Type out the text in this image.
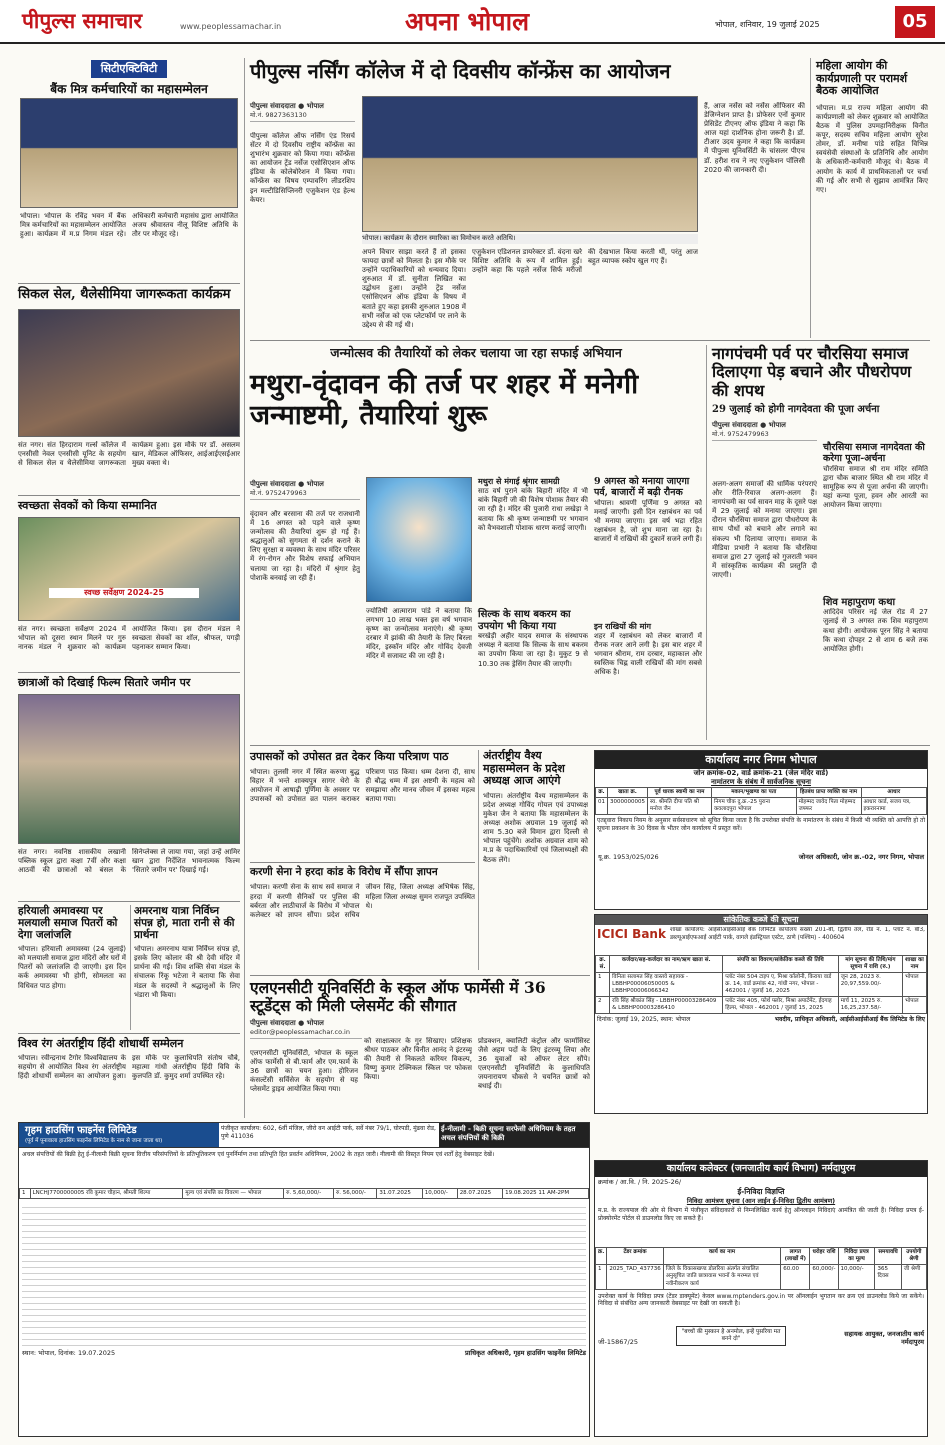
पीपुल्स समाचार	www.peoplessamachar.in	अपना भोपाल	भोपाल, शनिवार, 19 जुलाई 2025	05
सिटीएक्टिविटी
बैंक मित्र कर्मचारियों का महासम्मेलन
भोपाल। भोपाल के रविंद्र भवन में बैंक मित्र कर्मचारियों का महासम्मेलन आयोजित हुआ। कार्यक्रम में म.प्र निगम मंडल रहे। अधिकारी कर्मचारी महासंघ द्वारा आयोजित अजय श्रीवास्तव नीलू विशिष्ट अतिथि के तौर पर मौजूद रहे।
सिकल सेल, थैलेसीमिया जागरूकता कार्यक्रम
संत नगर। संत हिरदाराम गर्ल्स कॉलेज में एनसीसी नेवल एनसीसी यूनिट के सहयोग से सिकल सेल व थैलेसीमिया जागरूकता कार्यक्रम हुआ। इस मौके पर डॉ. असलम खान, मेडिकल ऑफिसर, आईआईएसईआर मुख्य वक्ता थे।
स्वच्छता सेवकों को किया सम्मानित
स्वच्छ सर्वेक्षण 2024-25
संत नगर। स्वच्छता सर्वेक्षण 2024 में भोपाल को दूसरा स्थान मिलने पर गुरु नानक मंडल ने शुक्रवार को कार्यक्रम आयोजित किया। इस दौरान मंडल ने स्वच्छता सेवकों का शॉल, श्रीफल, पगड़ी पहनाकर सम्मान किया।
छात्राओं को दिखाई फिल्म सितारे जमीन पर
संत नगर। नवनिष्ठ शासकीय लखानी पब्लिक स्कूल द्वारा कक्षा 7वीं और कक्षा आठवीं की छात्राओं को बंसल के सिनेप्लेक्स ले जाया गया, जहां उन्हें आमिर खान द्वारा निर्देशित भावनात्मक फिल्म 'सितारे जमीन पर' दिखाई गई।
हरियाली अमावस्या पर मलयाली समाज पितरों को देगा जलांजलि
भोपाल। हरियाली अमावस्या (24 जुलाई) को मलयाली समाज द्वारा मंदिरों और घरों में पितरों को जलांजलि दी जाएगी। इस दिन कर्क अमावस्या भी होगी, सोमलता का विधिवत पाठ होगा।
अमरनाथ यात्रा निर्विघ्न संपन्न हो, माता रानी से की प्रार्थना
भोपाल। अमरनाथ यात्रा निर्विघ्न संपन्न हो, इसके लिए कोलार की श्री देवी मंदिर में प्रार्थना की गई। शिव शक्ति सेवा मंडल के संचालक रिंकू भटेजा ने बताया कि सेवा मंडल के सदस्यों ने श्रद्धालुओं के लिए भंडारा भी किया।
विश्व रंग अंतर्राष्ट्रीय हिंदी शोधार्थी सम्मेलन
भोपाल। रवीन्द्रनाथ टैगोर विश्वविद्यालय के सहयोग से आयोजित विश्व रंग अंतर्राष्ट्रीय हिंदी शोधार्थी सम्मेलन का आयोजन हुआ। इस मौके पर कुलाधिपति संतोष चौबे, महात्मा गांधी अंतर्राष्ट्रीय हिंदी विवि के कुलपति डॉ. कुमुद शर्मा उपस्थित रहे।
पीपुल्स नर्सिंग कॉलेज में दो दिवसीय कॉन्फ्रेंस का आयोजन
पीपुल्स संवाददाता ● भोपाल
मो.नं. 9827363130
पीपुल्स कॉलेज ऑफ नर्सिंग एंड रिसर्च सेंटर में दो दिवसीय राष्ट्रीय कॉन्फ्रेंस का शुभारंभ शुक्रवार को किया गया। कॉन्फ्रेंस का आयोजन ट्रेंड नर्सेज एसोसिएशन ऑफ इंडिया के कोलेबोरेशन में किया गया। कॉन्फ्रेंस का विषय एम्पावरिंग लीडरशिप इन मल्टीडिसिप्लिनरी एजुकेशन एंड हेल्थ केयर।
भोपाल। कार्यक्रम के दौरान स्मारिका का विमोचन करते अतिथि।
अपने विचार साझा करते हैं तो इसका फायदा छात्रों को मिलता है। इस मौके पर उन्होंने पदाधिकारियों को धन्यवाद दिया। शुरुआत में डॉ. सुनीता लिखित का उद्बोधन हुआ। उन्होंने ट्रेंड नर्सेज एसोसिएशन ऑफ इंडिया के विषय में बताते हुए कहा इसकी शुरुआत 1908 में सभी नर्सेज को एक प्लेटफॉर्म पर लाने के उद्देश्य से की गई थी।
एजुकेशन एडिशनल डायरेक्टर डॉ. वंदना खरे विशिष्ट अतिथि के रूप में शामिल हुईं। उन्होंने कहा कि पहले नर्सेज सिर्फ मरीजों की देखभाल किया करती थीं, परंतु आज बहुत व्यापक स्कोप खुल गए हैं।
हैं, आज नर्सेस को नर्सेस ऑफिसर की डेजिग्नेशन प्राप्त है। प्रोफेसर एनों कुमार प्रेसिडेंट टीएनए ऑफ इंडिया ने कहा कि आज यहां दार्शनिक होना जरूरी है। डॉ. टीआर उदय कुमार ने कहा कि कार्यक्रम में पीपुल्स यूनिवर्सिटी के चांसलर पीएच डॉ. हरीश राव ने नए एजुकेशन पॉलिसी 2020 की जानकारी दी।
महिला आयोग की कार्यप्रणाली पर परामर्श बैठक आयोजित
भोपाल। म.प्र राज्य महिला आयोग की कार्यप्रणाली को लेकर शुक्रवार को आयोजित बैठक में पुलिस उपमहानिरीक्षक विनीत कपूर, सदस्य सचिव महिला आयोग सुरेश तोमर, डॉ. मनीषा पांडे सहित विभिन्न स्वयंसेवी संस्थाओं के प्रतिनिधि और आयोग के अधिकारी-कर्मचारी मौजूद थे। बैठक में आयोग के कार्य में प्राथमिकताओं पर चर्चा की गई और सभी से सुझाव आमंत्रित किए गए।
जन्मोत्सव की तैयारियों को लेकर चलाया जा रहा सफाई अभियान
मथुरा-वृंदावन की तर्ज पर शहर में मनेगी जन्माष्टमी, तैयारियां शुरू
पीपुल्स संवाददाता ● भोपाल
मो.नं. 9752479963
वृंदावन और बरसाना की तर्ज पर राजधानी में 16 अगस्त को पड़ने वाले कृष्ण जन्मोत्सव की तैयारियां शुरू हो गई हैं। श्रद्धालुओं को सुगमता से दर्शन कराने के लिए सुरक्षा व व्यवस्था के साथ मंदिर परिसर में रंग-रोगन और विशेष सफाई अभियान चलाया जा रहा है। मंदिरों में श्रृंगार हेतु पोशाकें बनवाई जा रही हैं।
ज्योतिषी आत्माराम पांडे ने बताया कि लगभग 10 लाख भक्त इस वर्ष भगवान कृष्ण का जन्मोत्सव मनाएंगे। श्री कृष्ण दरबार में झांकी की तैयारी के लिए बिरला मंदिर, इस्कॉन मंदिर और गोविंद देवजी मंदिर में सजावट की जा रही है।
मथुरा से मंगाई श्रृंगार सामग्री
साठ वर्ष पुराने बांके बिहारी मंदिर में भी बांके बिहारी जी की विशेष पोशाक तैयार की जा रही है। मंदिर की पुजारी राधा लखेड़ा ने बताया कि श्री कृष्ण जन्माष्टमी पर भगवान को वैभवशाली पोशाक धारण कराई जाएगी।
सिल्क के साथ बकरम का उपयोग भी किया गया
बरखेड़ी अहीर यादव समाज के संस्थापक अध्यक्ष ने बताया कि सिल्क के साथ बकरम का उपयोग किया जा रहा है। मुकुट 9 से 10.30 तक ड्रेसिंग तैयार की जाएगी।
9 अगस्त को मनाया जाएगा पर्व, बाजारों में बढ़ी रौनक
भोपाल। श्रावणी पूर्णिमा 9 अगस्त को मनाई जाएगी। इसी दिन रक्षाबंधन का पर्व भी मनाया जाएगा। इस वर्ष भद्रा रहित रक्षाबंधन है, जो शुभ माना जा रहा है। बाजारों में राखियों की दुकानें सजने लगी हैं।
इन राखियों की मांग
शहर में रक्षाबंधन को लेकर बाजारों में रौनक नजर आने लगी है। इस बार शहर में भगवान श्रीराम, राम दरबार, महाकाल और स्वस्तिक चिह्न वाली राखियों की मांग सबसे अधिक है।
नागपंचमी पर्व पर चौरसिया समाज दिलाएगा पेड़ बचाने और पौधरोपण की शपथ
29 जुलाई को होगी नागदेवता की पूजा अर्चना
पीपुल्स संवाददाता ● भोपाल
मो.नं. 9752479963
अलग-अलग समाजों की धार्मिक परंपराएं और रीति-रिवाज अलग-अलग हैं। नागपंचमी का पर्व सावन माह के दूसरे पक्ष में 29 जुलाई को मनाया जाएगा। इस दौरान चौरसिया समाज द्वारा पौधरोपण के साथ पौधों को बचाने और लगाने का संकल्प भी दिलाया जाएगा। समाज के मीडिया प्रभारी ने बताया कि चौरसिया समाज द्वारा 27 जुलाई को गुजराती भवन में सांस्कृतिक कार्यक्रम की प्रस्तुति दी जाएगी।
चौरसिया समाज नागदेवता की करेगा पूजा-अर्चना
चौरसिया समाज श्री राम मंदिर समिति द्वारा चौक बाजार स्थित श्री राम मंदिर में सामूहिक रूप से पूजा अर्चना की जाएगी। यहां कन्या पूजा, हवन और आरती का आयोजन किया जाएगा।
शिव महापुराण कथा
आदिदेव परिसर नई जेल रोड में 27 जुलाई से 3 अगस्त तक शिव महापुराण कथा होगी। आयोजक पूरन सिंह ने बताया कि कथा दोपहर 2 से शाम 6 बजे तक आयोजित होगी।
उपासकों को उपोसत व्रत देकर किया परित्राण पाठ
भोपाल। तुलसी नगर में स्थित करुणा बुद्ध विहार में भन्ते शाक्यपुत्र सागर थेरो के आयोजन में आषाढ़ी पूर्णिमा के अवसर पर उपासकों को उपोसत व्रत पालन कराकर परित्राण पाठ किया। धम्म देशना दी, साथ ही बौद्ध धम्म में इस अष्टमी के महत्व को समझाया और मानव जीवन में इसका महत्व बताया गया।
करणी सेना ने हरदा कांड के विरोध में सौंपा ज्ञापन
भोपाल। करणी सेना के साथ सर्व समाज ने हरदा में करणी सैनिकों पर पुलिस की बर्बरता और लाठीचार्ज के विरोध में भोपाल कलेक्टर को ज्ञापन सौंपा। प्रदेश सचिव जीवन सिंह, जिला अध्यक्ष अभिषेक सिंह, महिला जिला अध्यक्ष सुमन राजपूत उपस्थित थे।
अंतर्राष्ट्रीय वैश्य महासम्मेलन के प्रदेश अध्यक्ष आज आएंगे
भोपाल। अंतर्राष्ट्रीय वैश्य महासम्मेलन के प्रदेश अध्यक्ष गोविंद गोयल एवं उपाध्यक्ष मुकेश जैन ने बताया कि महासम्मेलन के अध्यक्ष अशोक अग्रवाल 19 जुलाई को शाम 5.30 बजे विमान द्वारा दिल्ली से भोपाल पहुंचेंगे। अशोक अग्रवाल शाम को म.प्र के पदाधिकारियों एवं जिलाध्यक्षों की बैठक लेंगे।
एलएनसीटी यूनिवर्सिटी के स्कूल ऑफ फार्मेसी में 36 स्टूडेंट्स को मिली प्लेसमेंट की सौगात
पीपुल्स संवाददाता ● भोपाल
editor@peoplessamachar.co.in
एलएनसीटी यूनिवर्सिटी, भोपाल के स्कूल ऑफ फार्मेसी से बी.फार्म और एम.फार्म के 36 छात्रों का चयन हुआ। होरिजन कंसल्टेंसी सर्विसेज के सहयोग से यह प्लेसमेंट ड्राइव आयोजित किया गया।
को साक्षात्कार के गुर सिखाए। प्रशिक्षक श्रीधर पाठकर और विनीत आनंद ने इंटरव्यू की तैयारी से निकलते करियर विकल्प, विष्णु कुमार टेक्निकल स्किल पर फोकस किया।
प्रोडक्शन, क्वालिटी कंट्रोल और फार्मासिस्ट जैसे अहम पदों के लिए इंटरव्यू लिया और 36 युवाओं को ऑफर लेटर सौंपे। एलएनसीटी यूनिवर्सिटी के कुलाधिपति जयनारायण चौकसे ने चयनित छात्रों को बधाई दी।
कार्यालय नगर निगम भोपाल
जोन क्रमांक-02, वार्ड क्रमांक-21 (जेल मंदिर वार्ड)
नामांतरण के संबंध में सार्वजनिक सूचना
क्र.	खाता क्र.	पूर्व धारक स्वामी का नाम	मकान/भूखण्ड का पता	हितबंध प्राप्त व्यक्ति का नाम	आधार
01	3000000005	स्व. श्रीमति दीपा पति श्री मनोज जैन	निगम चौक दु.क्र.-25 पुराना कवलादपुरा भोपाल	मोहम्मद जावेद पिता मोहम्मद जफ्फर	आधार कार्ड, सजय पत्र, इकरारनामा
एतद्द्वारा निकाय नियम के अनुसार सर्वसाधारण को सूचित किया जाता है कि उपरोक्त संपत्ति के नामांतरण के संबंध में किसी भी व्यक्ति को आपत्ति हो तो सूचना प्रकाशन के 30 दिवस के भीतर जोन कार्यालय में प्रस्तुत करें।
यू.क्र. 1953/025/026	जोनल अधिकारी, जोन क्र.-02, नगर निगम, भोपाल
सांकेतिक कब्जे की सूचना
ICICI Bank शाखा कार्यालय: आईसीआईसीआई बैंक लिमिटेड कार्यालय संख्या 201-बी, द्वितीय तल, रोड नं. 1, प्लॉट नं. बी3, डब्ल्यूआईएफआई आईटी पार्क, वागले इंडस्ट्रियल एस्टेट, ठाणे (पश्चिम) - 400604
क्र. सं.	कर्जदार/सह-कर्जदार का नाम/ऋण खाता सं.	संपत्ति का विवरण/सांकेतिक कब्जे की तिथि	मांग सूचना की तिथि/मांग सूचना में राशि (रु.)	शाखा का नाम
1	विनिता सलामत सिंह वास्तवे सहायक - LBBHP00006050005 & LBBHP00006066342	प्लॉट नंबर 504 टाइप ए, मिश्रा कॉलोनी, किराया वार्ड क्र. 14, वार्ड क्रमांक 42, गांधी नगर, भोपाल - 462001 / जुलाई 16, 2025	जून 28, 2023 रु. 20,97,559.00/-	भोपाल
2	रवि सिंह श्रीकांत सिंह - LBBHP00003286409 & LBBHP00003286410	प्लॉट नंबर 405, फोर्थ फ्लोर, मिश्रा अपार्टमेंट, ईदगाह हिल्स, भोपाल - 462001 / जुलाई 15, 2025	मार्च 11, 2025 रु. 16,25,237.58/-	भोपाल
दिनांक: जुलाई 19, 2025, स्थान: भोपाल	भवदीय, प्राधिकृत अधिकारी, आईसीआईसीआई बैंक लिमिटेड के लिए
गृहम हाउसिंग फाइनेंस लिमिटेड
(पूर्व में पूनावाला हाउसिंग फाइनेंस लिमिटेड के नाम से जाना जाता था)
पंजीकृत कार्यालय: 602, 6वीं मंजिल, जीरो वन आईटी पार्क, सर्वे नंबर 79/1, घोरपडी, मुंढवा रोड, पुणे 411036
ई-नीलामी - बिक्री सूचना सरफेसी अधिनियम के तहत अचल संपत्तियों की बिक्री
अचल संपत्तियों की बिक्री हेतु ई-नीलामी बिक्री सूचना वित्तीय परिसंपत्तियों के प्रतिभूतिकरण एवं पुनर्निर्माण तथा प्रतिभूति हित प्रवर्तन अधिनियम, 2002 के तहत जारी। नीलामी की विस्तृत नियम एवं शर्तों हेतु वेबसाइट देखें।
1	LNCHJ7700000005 रवि कुमार चौहान, श्रीमती शिल्पा	मूल्य एवं संपत्ति का विवरण — भोपाल	रु. 5,60,000/-	रु. 56,000/-	31.07.2025	10,000/-	28.07.2025	19.08.2025 11 AM-2PM
स्थान: भोपाल, दिनांक: 19.07.2025	प्राधिकृत अधिकारी, गृहम हाउसिंग फाइनेंस लिमिटेड
कार्यालय कलेक्टर (जनजातीय कार्य विभाग) नर्मदापुरम
क्रमांक / आ.वि. / नि. 2025-26/
ई-निविदा विज्ञप्ति
निविदा आमंत्रण सूचना (आन लाईन ई-निविदा द्वितीय आमंत्रण)
म.प्र. के राज्यपाल की ओर से विभाग में पंजीकृत संविदाकारों से निम्नलिखित कार्य हेतु ऑनलाइन निविदाएं आमंत्रित की जाती हैं। निविदा प्रपत्र ई-प्रोक्योरमेंट पोर्टल से डाउनलोड किए जा सकते हैं।
क्र.	टेंडर क्रमांक	कार्य का नाम	लागत (लाखों में)	धरोहर राशि	निविदा प्रपत्र का मूल्य	समयावधि	उपयोगी श्रेणी
1	2025_TAD_437736	जिले के विकासखण्ड डोलरिया अंतर्गत संचालित अनुसूचित जाति छात्रावास भवनों के मरम्मत एवं नवीनीकरण कार्य	60.00	60,000/-	10,000/-	365 दिवस	जी श्रेणी
उपरोक्त कार्य के निविदा प्रपत्र (टेंडर डाक्यूमेंट) केवल www.mptenders.gov.in पर ऑनलाईन भुगतान कर क्रय एवं डाउनलोड किये जा सकेंगे। निविदा से संबंधित अन्य जानकारी वेबसाइट पर देखी जा सकती है।
जी-15867/25
"बच्चों की मुस्कान है अनमोल, इन्हें पुसरिया मत बनने दो"
सहायक आयुक्त, जनजातीय कार्य नर्मदापुरम
